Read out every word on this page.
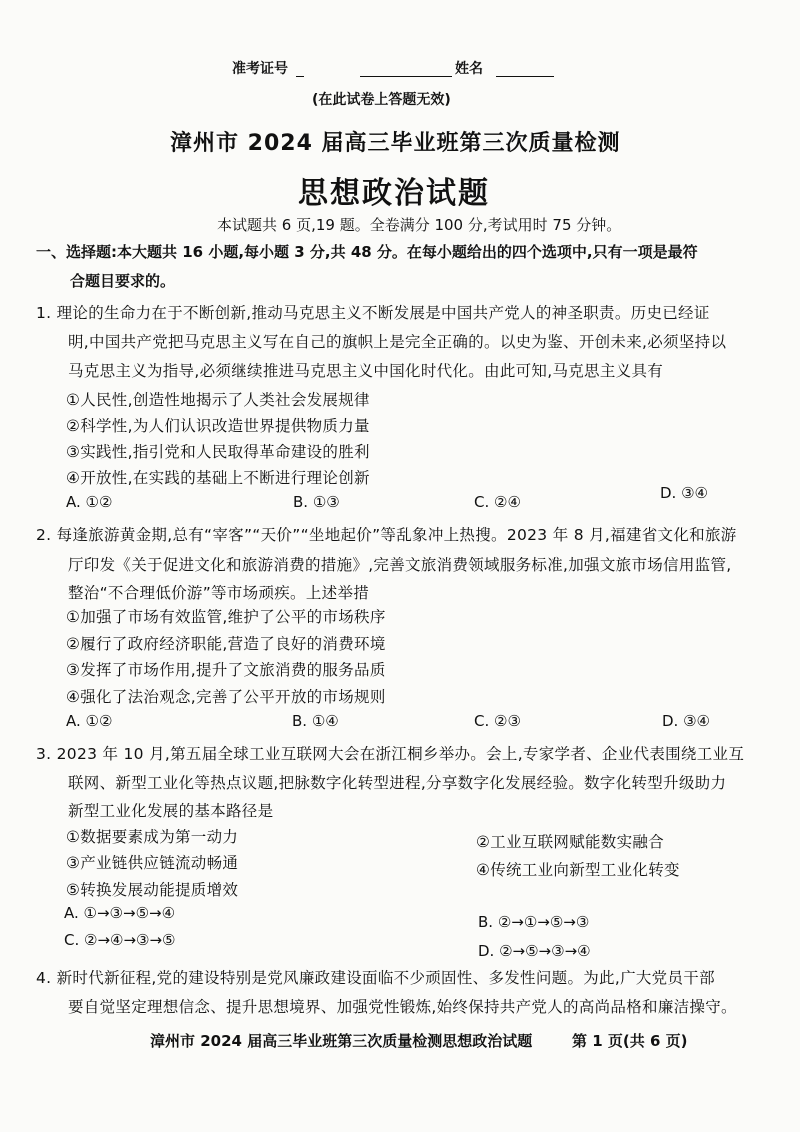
准考证号	姓名
(在此试卷上答题无效)
漳州市 2024 届高三毕业班第三次质量检测
思想政治试题
本试题共 6 页,19 题。全卷满分 100 分,考试用时 75 分钟。
一、选择题:本大题共 16 小题,每小题 3 分,共 48 分。在每小题给出的四个选项中,只有一项是最符
合题目要求的。
1. 理论的生命力在于不断创新,推动马克思主义不断发展是中国共产党人的神圣职责。历史已经证
明,中国共产党把马克思主义写在自己的旗帜上是完全正确的。以史为鉴、开创未来,必须坚持以
马克思主义为指导,必须继续推进马克思主义中国化时代化。由此可知,马克思主义具有
①人民性,创造性地揭示了人类社会发展规律
②科学性,为人们认识改造世界提供物质力量
③实践性,指引党和人民取得革命建设的胜利
④开放性,在实践的基础上不断进行理论创新
A. ①②	B. ①③	C. ②④	D. ③④
2. 每逢旅游黄金期,总有“宰客”“天价”“坐地起价”等乱象冲上热搜。2023 年 8 月,福建省文化和旅游
厅印发《关于促进文化和旅游消费的措施》,完善文旅消费领域服务标准,加强文旅市场信用监管,
整治“不合理低价游”等市场顽疾。上述举措
①加强了市场有效监管,维护了公平的市场秩序
②履行了政府经济职能,营造了良好的消费环境
③发挥了市场作用,提升了文旅消费的服务品质
④强化了法治观念,完善了公平开放的市场规则
A. ①②	B. ①④	C. ②③	D. ③④
3. 2023 年 10 月,第五届全球工业互联网大会在浙江桐乡举办。会上,专家学者、企业代表围绕工业互
联网、新型工业化等热点议题,把脉数字化转型进程,分享数字化发展经验。数字化转型升级助力
新型工业化发展的基本路径是
①数据要素成为第一动力	②工业互联网赋能数实融合
③产业链供应链流动畅通	④传统工业向新型工业化转变
⑤转换发展动能提质增效
A. ①→③→⑤→④	B. ②→①→⑤→③
C. ②→④→③→⑤
D. ②→⑤→③→④
4. 新时代新征程,党的建设特别是党风廉政建设面临不少顽固性、多发性问题。为此,广大党员干部
要自觉坚定理想信念、提升思想境界、加强党性锻炼,始终保持共产党人的高尚品格和廉洁操守。
漳州市 2024 届高三毕业班第三次质量检测思想政治试题	第 1 页(共 6 页)
